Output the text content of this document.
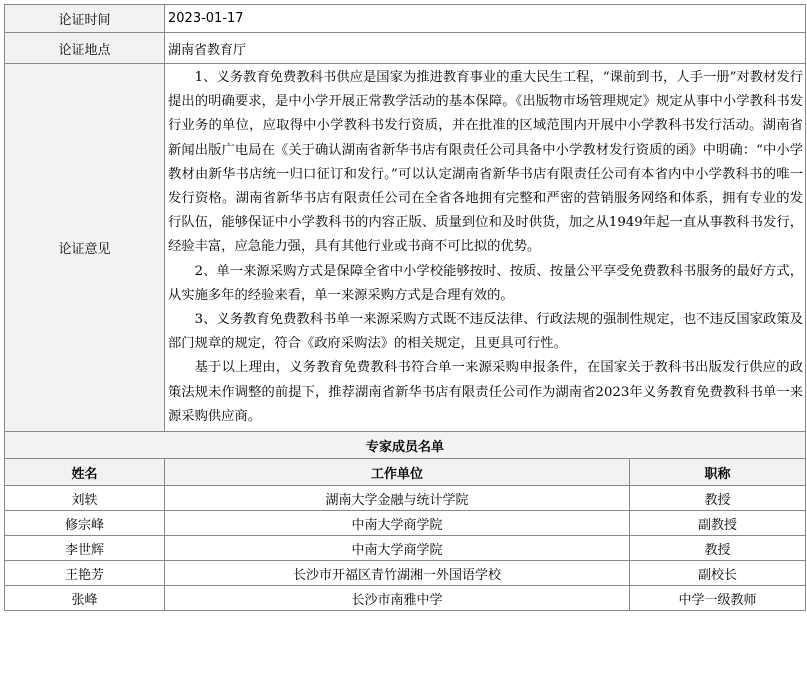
论证时间	2023-01-17	
论证地点	湖南省教育厅	
论证意见	1、义务教育免费教科书供应是国家为推进教育事业的重大民生工程，“课前到书，人手一册”对教材发行提出的明确要求，是中小学开展正常教学活动的基本保障。《出版物市场管理规定》规定从事中小学教科书发行业务的单位，应取得中小学教科书发行资质，并在批准的区域范围内开展中小学教科书发行活动。湖南省新闻出版广电局在《关于确认湖南省新华书店有限责任公司具备中小学教材发行资质的函》中明确：“中小学教材由新华书店统一归口征订和发行。”可以认定湖南省新华书店有限责任公司有本省内中小学教科书的唯一发行资格。湖南省新华书店有限责任公司在全省各地拥有完整和严密的营销服务网络和体系，拥有专业的发行队伍，能够保证中小学教科书的内容正版、质量到位和及时供货，加之从1949年起一直从事教科书发行，经验丰富，应急能力强，具有其他行业或书商不可比拟的优势。

2、单一来源采购方式是保障全省中小学校能够按时、按质、按量公平享受免费教科书服务的最好方式，从实施多年的经验来看，单一来源采购方式是合理有效的。

3、义务教育免费教科书单一来源采购方式既不违反法律、行政法规的强制性规定，也不违反国家政策及部门规章的规定，符合《政府采购法》的相关规定，且更具可行性。

基于以上理由，义务教育免费教科书符合单一来源采购申报条件，在国家关于教科书出版发行供应的政策法规未作调整的前提下，推荐湖南省新华书店有限责任公司作为湖南省2023年义务教育免费教科书单一来源采购供应商。	

专家成员名单		
姓名	工作单位	职称
刘轶	湖南大学金融与统计学院	教授
修宗峰	中南大学商学院	副教授
李世辉	中南大学商学院	教授
王艳芳	长沙市开福区青竹湖湘一外国语学校	副校长
张峰	长沙市南雅中学	中学一级教师
